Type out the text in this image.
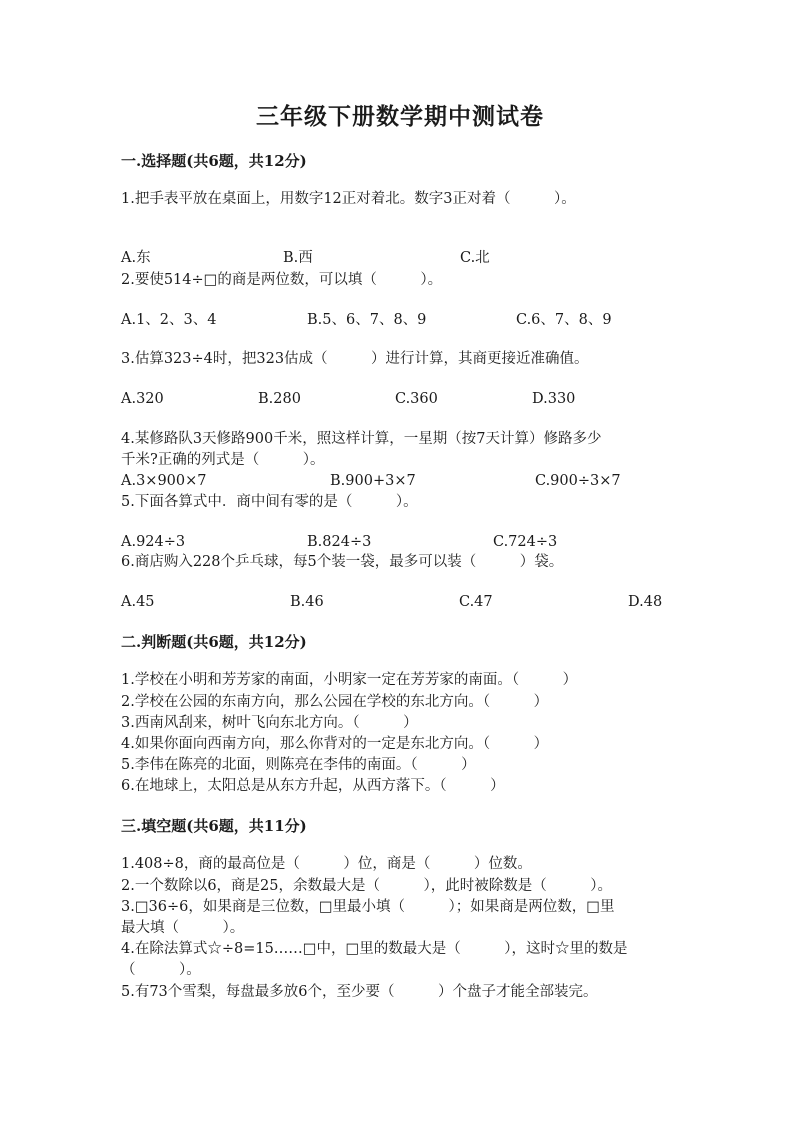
三年级下册数学期中测试卷
一.选择题(共6题，共12分)
1.把手表平放在桌面上，用数字12正对着北。数字3正对着（　　　）。
A.东	B.西	C.北
2.要使514÷□的商是两位数，可以填（　　　）。
A.1、2、3、4	B.5、6、7、8、9	C.6、7、8、9
3.估算323÷4时，把323估成（　　　）进行计算，其商更接近准确值。
A.320	B.280	C.360	D.330
4.某修路队3天修路900千米，照这样计算，一星期（按7天计算）修路多少
千米?正确的列式是（　　　）。
A.3×900×7	B.900+3×7	C.900÷3×7
5.下面各算式中．商中间有零的是（　　　）。
A.924÷3	B.824÷3	C.724÷3
6.商店购入228个乒乓球，每5个装一袋，最多可以装（　　　）袋。
A.45	B.46	C.47	D.48
二.判断题(共6题，共12分)
1.学校在小明和芳芳家的南面，小明家一定在芳芳家的南面。（　　　）
2.学校在公园的东南方向，那么公园在学校的东北方向。（　　　）
3.西南风刮来，树叶飞向东北方向。（　　　）
4.如果你面向西南方向，那么你背对的一定是东北方向。（　　　）
5.李伟在陈亮的北面，则陈亮在李伟的南面。（　　　）
6.在地球上，太阳总是从东方升起，从西方落下。（　　　）
三.填空题(共6题，共11分)
1.408÷8，商的最高位是（　　　）位，商是（　　　）位数。
2.一个数除以6，商是25，余数最大是（　　　），此时被除数是（　　　）。
3.□36÷6，如果商是三位数，□里最小填（　　　）；如果商是两位数，□里
最大填（　　　）。
4.在除法算式☆÷8=15……□中，□里的数最大是（　　　），这时☆里的数是
（　　　）。
5.有73个雪梨，每盘最多放6个，至少要（　　　）个盘子才能全部装完。
